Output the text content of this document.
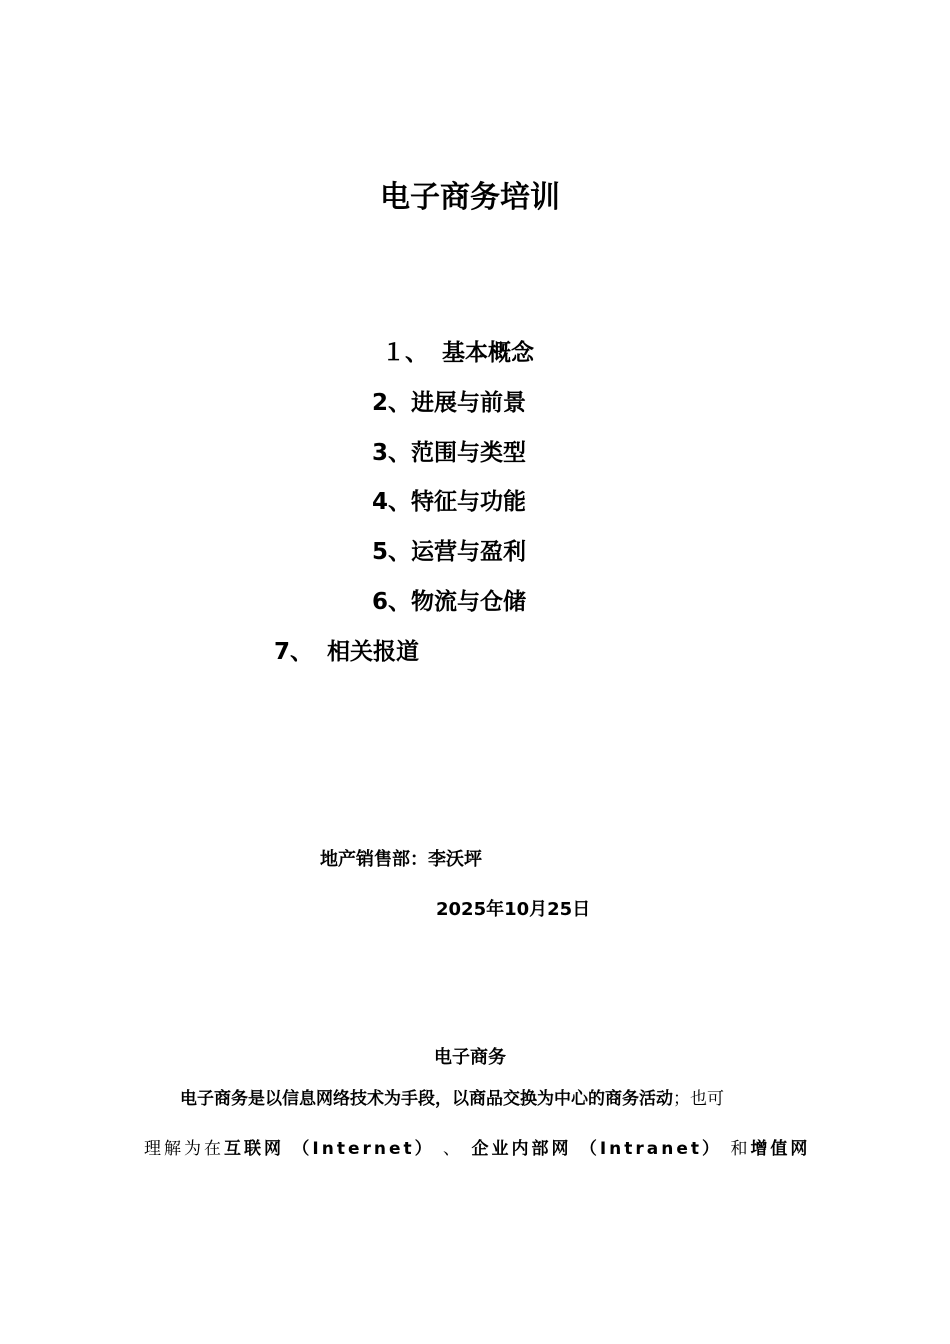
电子商务培训
１、 基本概念
2、进展与前景
3、范围与类型
4、特征与功能
5、运营与盈利
6、物流与仓储
7、 相关报道
地产销售部：李沃坪
2025年10月25日
电子商务
电子商务是以信息网络技术为手段，以商品交换为中心的商务活动；也可
理解为在互联网 （Internet） 、 企业内部网 （Intranet） 和增值网
